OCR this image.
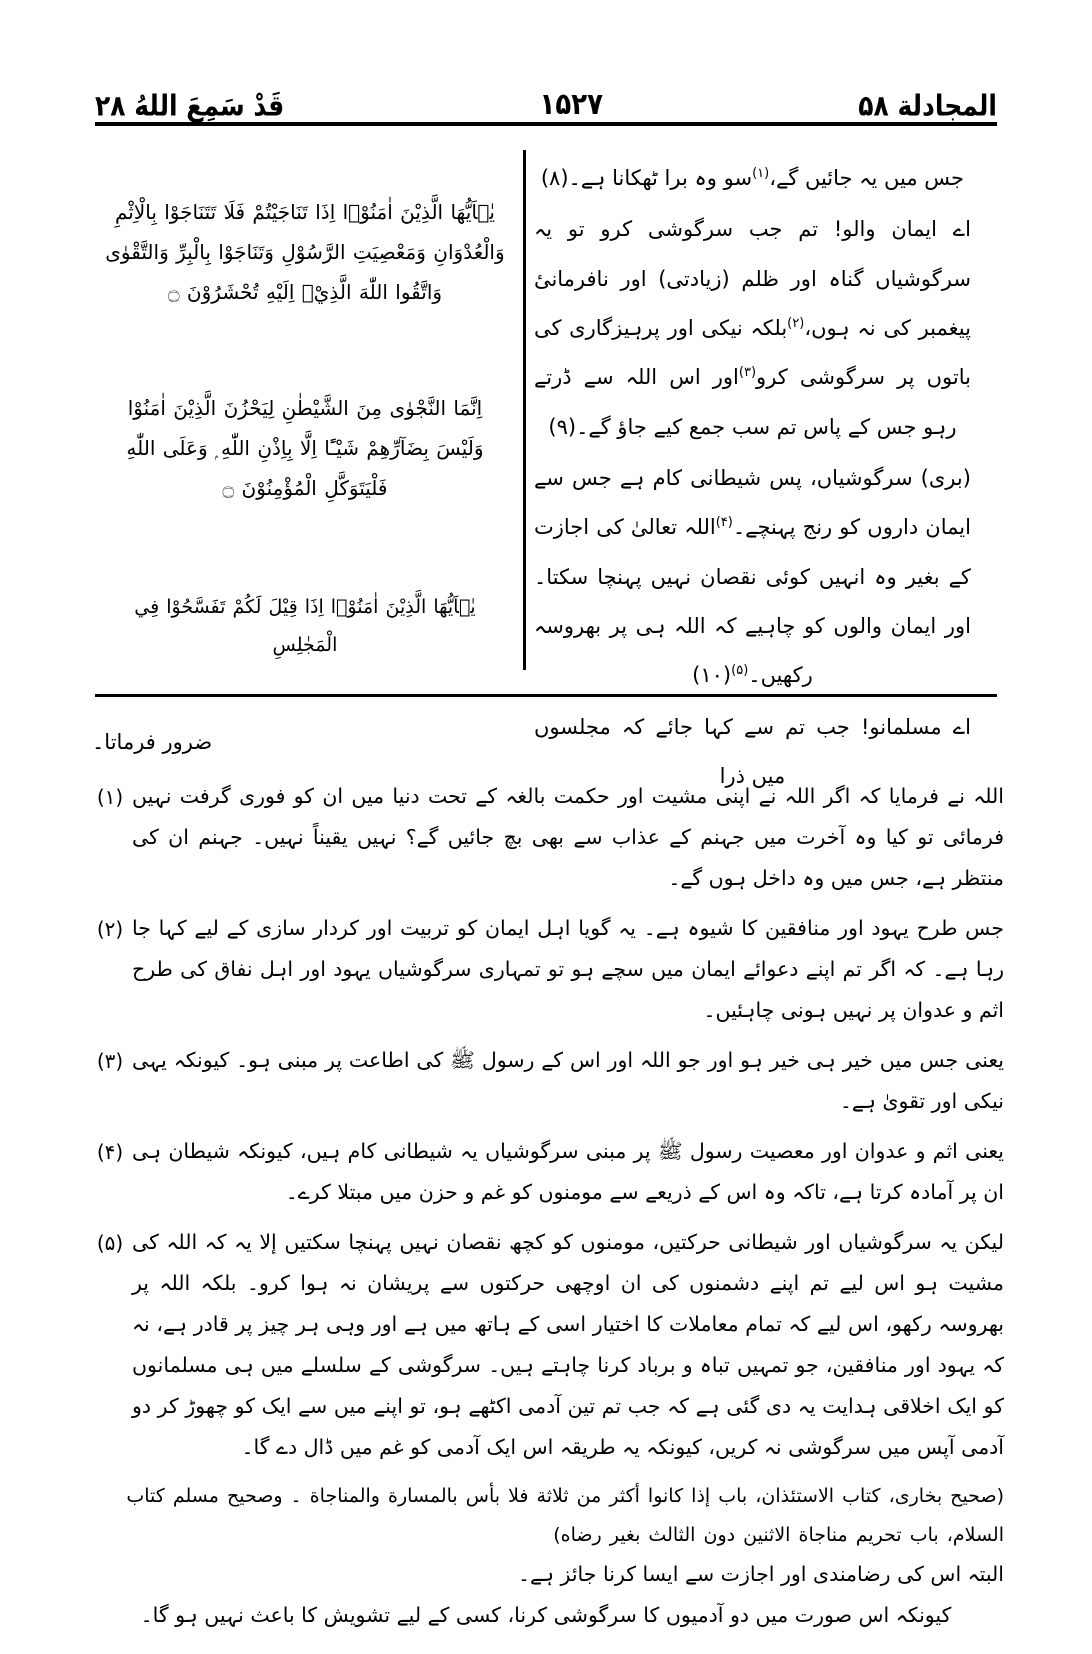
قَدْ سَمِعَ اللهُ ۲۸	۱۵۲۷	المجادلة ۵۸
يٰۤاَيُّهَا الَّذِيْنَ اٰمَنُوْۤا اِذَا تَنَاجَيْتُمْ فَلَا تَتَنَاجَوْا بِالْاِثْمِ وَالْعُدْوَانِ وَمَعْصِيَتِ الرَّسُوْلِ وَتَنَاجَوْا بِالْبِرِّ وَالتَّقْوٰى وَاتَّقُوا اللّٰهَ الَّذِيْۤ اِلَيْهِ تُحْشَرُوْنَ ۝
اِنَّمَا النَّجْوٰى مِنَ الشَّيْطٰنِ لِيَحْزُنَ الَّذِيْنَ اٰمَنُوْا وَلَيْسَ بِضَآرِّهِمْ شَيْـًٔا اِلَّا بِاِذْنِ اللّٰهِ ۭ وَعَلَى اللّٰهِ فَلْيَتَوَكَّلِ الْمُؤْمِنُوْنَ ۝
يٰۤاَيُّهَا الَّذِيْنَ اٰمَنُوْۤا اِذَا قِيْلَ لَكُمْ تَفَسَّحُوْا فِي الْمَجٰلِسِ

جس میں یہ جائیں گے،$^{(۱)}$سو وہ برا ٹھکانا ہے۔(۸)

اے ایمان والو! تم جب سرگوشی کرو تو یہ سرگوشیاں گناہ اور ظلم (زیادتی) اور نافرمانیٔ پیغمبر کی نہ ہوں،$^{(۲)}$بلکہ نیکی اور پرہیزگاری کی باتوں پر سرگوشی کرو$^{(۳)}$اور اس اللہ سے ڈرتے رہو جس کے پاس تم سب جمع کیے جاؤ گے۔(۹)

(بری) سرگوشیاں، پس شیطانی کام ہے جس سے ایمان داروں کو رنج پہنچے۔$^{(۴)}$اللہ تعالیٰ کی اجازت کے بغیر وہ انہیں کوئی نقصان نہیں پہنچا سکتا۔ اور ایمان والوں کو چاہیے کہ اللہ ہی پر بھروسہ رکھیں۔$^{(۵)}$(۱۰)

اے مسلمانو! جب تم سے کہا جائے کہ مجلسوں میں ذرا

ضرور فرماتا۔
(۱) اللہ نے فرمایا کہ اگر اللہ نے اپنی مشیت اور حکمت بالغہ کے تحت دنیا میں ان کو فوری گرفت نہیں فرمائی تو کیا وہ آخرت میں جہنم کے عذاب سے بھی بچ جائیں گے؟ نہیں یقیناً نہیں۔ جہنم ان کی منتظر ہے، جس میں وہ داخل ہوں گے۔
(۲) جس طرح یہود اور منافقین کا شیوہ ہے۔ یہ گویا اہل ایمان کو تربیت اور کردار سازی کے لیے کہا جا رہا ہے۔ کہ اگر تم اپنے دعوائے ایمان میں سچے ہو تو تمہاری سرگوشیاں یہود اور اہل نفاق کی طرح اثم و عدوان پر نہیں ہونی چاہئیں۔
(۳) یعنی جس میں خیر ہی خیر ہو اور جو اللہ اور اس کے رسول ﷺ کی اطاعت پر مبنی ہو۔ کیونکہ یہی نیکی اور تقویٰ ہے۔
(۴) یعنی اثم و عدوان اور معصیت رسول ﷺ پر مبنی سرگوشیاں یہ شیطانی کام ہیں، کیونکہ شیطان ہی ان پر آمادہ کرتا ہے، تاکہ وہ اس کے ذریعے سے مومنوں کو غم و حزن میں مبتلا کرے۔
(۵) لیکن یہ سرگوشیاں اور شیطانی حرکتیں، مومنوں کو کچھ نقصان نہیں پہنچا سکتیں إلا یہ کہ اللہ کی مشیت ہو اس لیے تم اپنے دشمنوں کی ان اوچھی حرکتوں سے پریشان نہ ہوا کرو۔ بلکہ اللہ پر بھروسہ رکھو، اس لیے کہ تمام معاملات کا اختیار اسی کے ہاتھ میں ہے اور وہی ہر چیز پر قادر ہے، نہ کہ یہود اور منافقین، جو تمہیں تباہ و برباد کرنا چاہتے ہیں۔ سرگوشی کے سلسلے میں ہی مسلمانوں کو ایک اخلاقی ہدایت یہ دی گئی ہے کہ جب تم تین آدمی اکٹھے ہو، تو اپنے میں سے ایک کو چھوڑ کر دو آدمی آپس میں سرگوشی نہ کریں، کیونکہ یہ طریقہ اس ایک آدمی کو غم میں ڈال دے گا۔
(صحیح بخاری، کتاب الاستئذان، باب إذا کانوا أکثر من ثلاثة فلا بأس بالمسارة والمناجاة ۔ وصحیح مسلم کتاب السلام، باب تحریم مناجاة الاثنین دون الثالث بغیر رضاه)
البتہ اس کی رضامندی اور اجازت سے ایسا کرنا جائز ہے۔
کیونکہ اس صورت میں دو آدمیوں کا سرگوشی کرنا، کسی کے لیے تشویش کا باعث نہیں ہو گا۔
